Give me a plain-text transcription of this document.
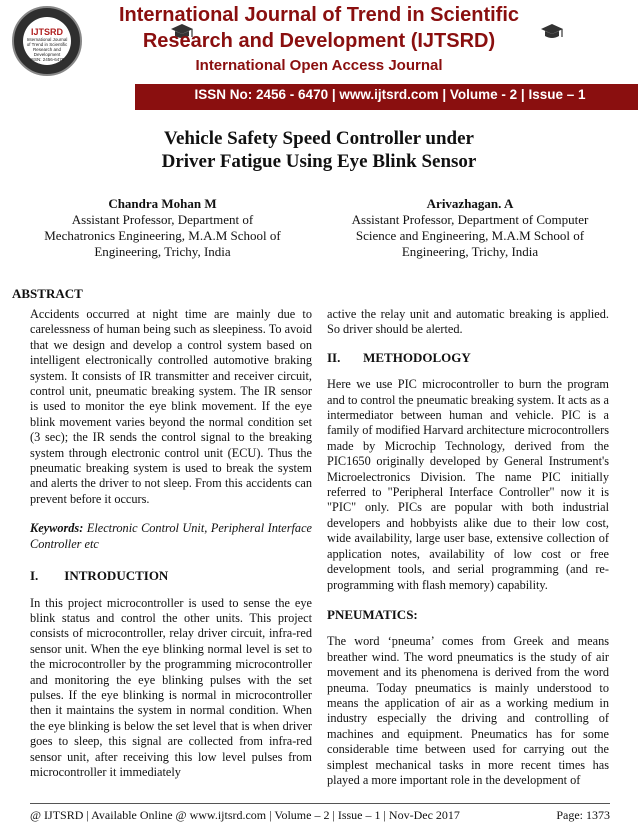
IJTSRD
International Journal
of Trend in Scientific
Research and
Development
ISSN: 2456-6470
International Journal of Trend in Scientific
Research and Development (IJTSRD)
International Open Access Journal
ISSN No: 2456 - 6470 | www.ijtsrd.com | Volume - 2 | Issue – 1
Vehicle Safety Speed Controller under
Driver Fatigue Using Eye Blink Sensor
Chandra Mohan M
Assistant Professor, Department of
Mechatronics Engineering, M.A.M School of
Engineering, Trichy, India
Arivazhagan. A
Assistant Professor, Department of Computer
Science and Engineering, M.A.M School of
Engineering, Trichy, India
ABSTRACT

Accidents occurred at night time are mainly due to carelessness of human being such as sleepiness. To avoid that we design and develop a control system based on intelligent electronically controlled automotive braking system. It consists of IR transmitter and receiver circuit, control unit, pneumatic breaking system. The IR sensor is used to monitor the eye blink movement. If the eye blink movement varies beyond the normal condition set (3 sec); the IR sends the control signal to the breaking system through electronic control unit (ECU). Thus the pneumatic breaking system is used to break the system and alerts the driver to not sleep. From this accidents can prevent before it occurs.

Keywords: Electronic Control Unit, Peripheral Interface Controller etc

I.        INTRODUCTION

In this project microcontroller is used to sense the eye blink status and control the other units. This project consists of microcontroller, relay driver circuit, infra-red sensor unit. When the eye blinking normal level is set to the microcontroller by the programming microcontroller and monitoring the eye blinking pulses with the set pulses. If the eye blinking is normal in microcontroller then it maintains the system in normal condition. When the eye blinking is below the set level that is when driver goes to sleep, this signal are collected from infra-red sensor unit, after receiving this low level pulses from microcontroller it immediately

active the relay unit and automatic breaking is applied. So driver should be alerted.

II.       METHODOLOGY

Here we use PIC microcontroller to burn the program and to control the pneumatic breaking system. It acts as a intermediator between human and vehicle. PIC is a family of modified Harvard architecture microcontrollers made by Microchip Technology, derived from the PIC1650 originally developed by General Instrument's Microelectronics Division. The name PIC initially referred to "Peripheral Interface Controller" now it is "PIC" only. PICs are popular with both industrial developers and hobbyists alike due to their low cost, wide availability, large user base, extensive collection of application notes, availability of low cost or free development tools, and serial programming (and re-programming with flash memory) capability.

PNEUMATICS:

The word ‘pneuma’ comes from Greek and means breather wind. The word pneumatics is the study of air movement and its phenomena is derived from the word pneuma. Today pneumatics is mainly understood to means the application of air as a working medium in industry especially the driving and controlling of machines and equipment. Pneumatics has for some considerable time between used for carrying out the simplest mechanical tasks in more recent times has played a more important role in the development of

@ IJTSRD | Available Online @ www.ijtsrd.com | Volume – 2 | Issue – 1 | Nov-Dec 2017	Page: 1373
